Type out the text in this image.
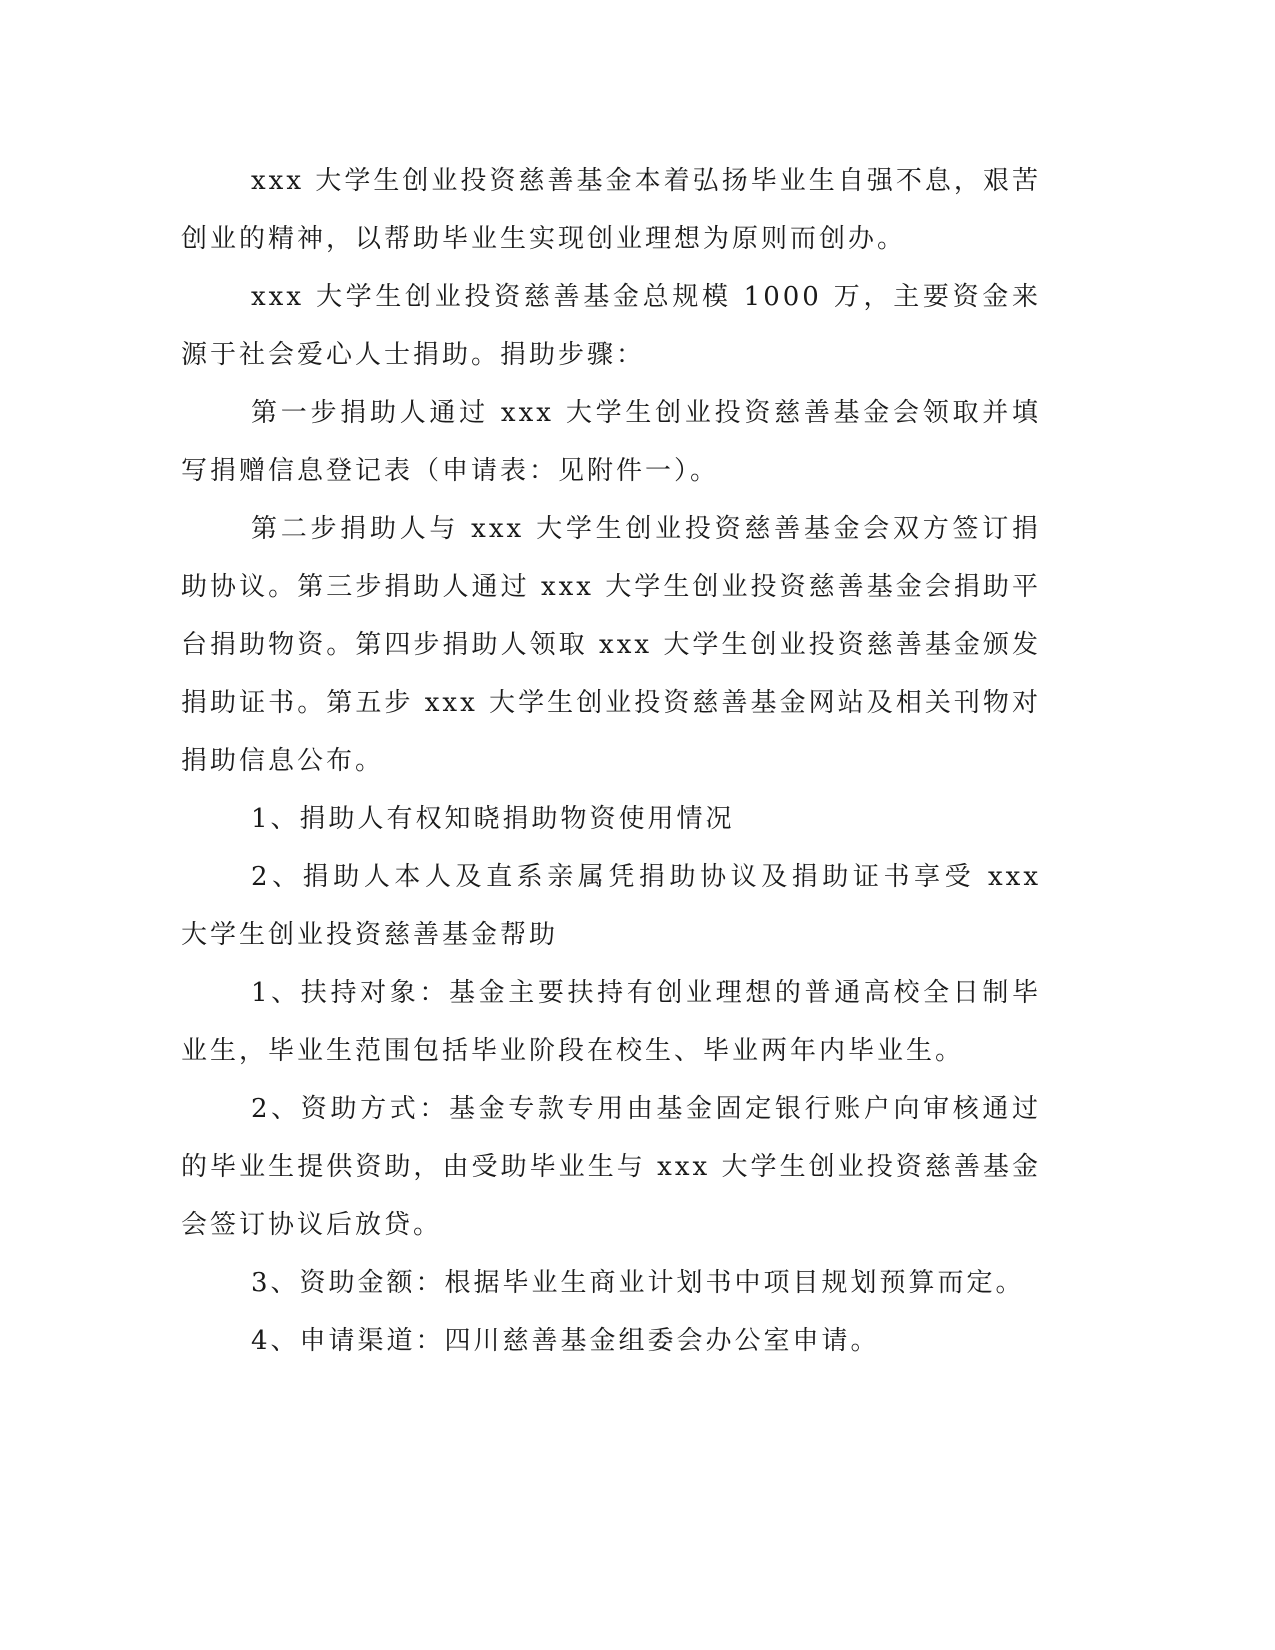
xxx 大学生创业投资慈善基金本着弘扬毕业生自强不息，艰苦创业的精神，以帮助毕业生实现创业理想为原则而创办。

xxx 大学生创业投资慈善基金总规模 1000 万，主要资金来源于社会爱心人士捐助。捐助步骤：

第一步捐助人通过 xxx 大学生创业投资慈善基金会领取并填写捐赠信息登记表（申请表：见附件一）。

第二步捐助人与 xxx 大学生创业投资慈善基金会双方签订捐助协议。第三步捐助人通过 xxx 大学生创业投资慈善基金会捐助平台捐助物资。第四步捐助人领取 xxx 大学生创业投资慈善基金颁发捐助证书。第五步 xxx 大学生创业投资慈善基金网站及相关刊物对捐助信息公布。

1、捐助人有权知晓捐助物资使用情况

2、捐助人本人及直系亲属凭捐助协议及捐助证书享受 xxx 大学生创业投资慈善基金帮助

1、扶持对象：基金主要扶持有创业理想的普通高校全日制毕业生，毕业生范围包括毕业阶段在校生、毕业两年内毕业生。

2、资助方式：基金专款专用由基金固定银行账户向审核通过的毕业生提供资助，由受助毕业生与 xxx 大学生创业投资慈善基金会签订协议后放贷。

3、资助金额：根据毕业生商业计划书中项目规划预算而定。

4、申请渠道：四川慈善基金组委会办公室申请。
